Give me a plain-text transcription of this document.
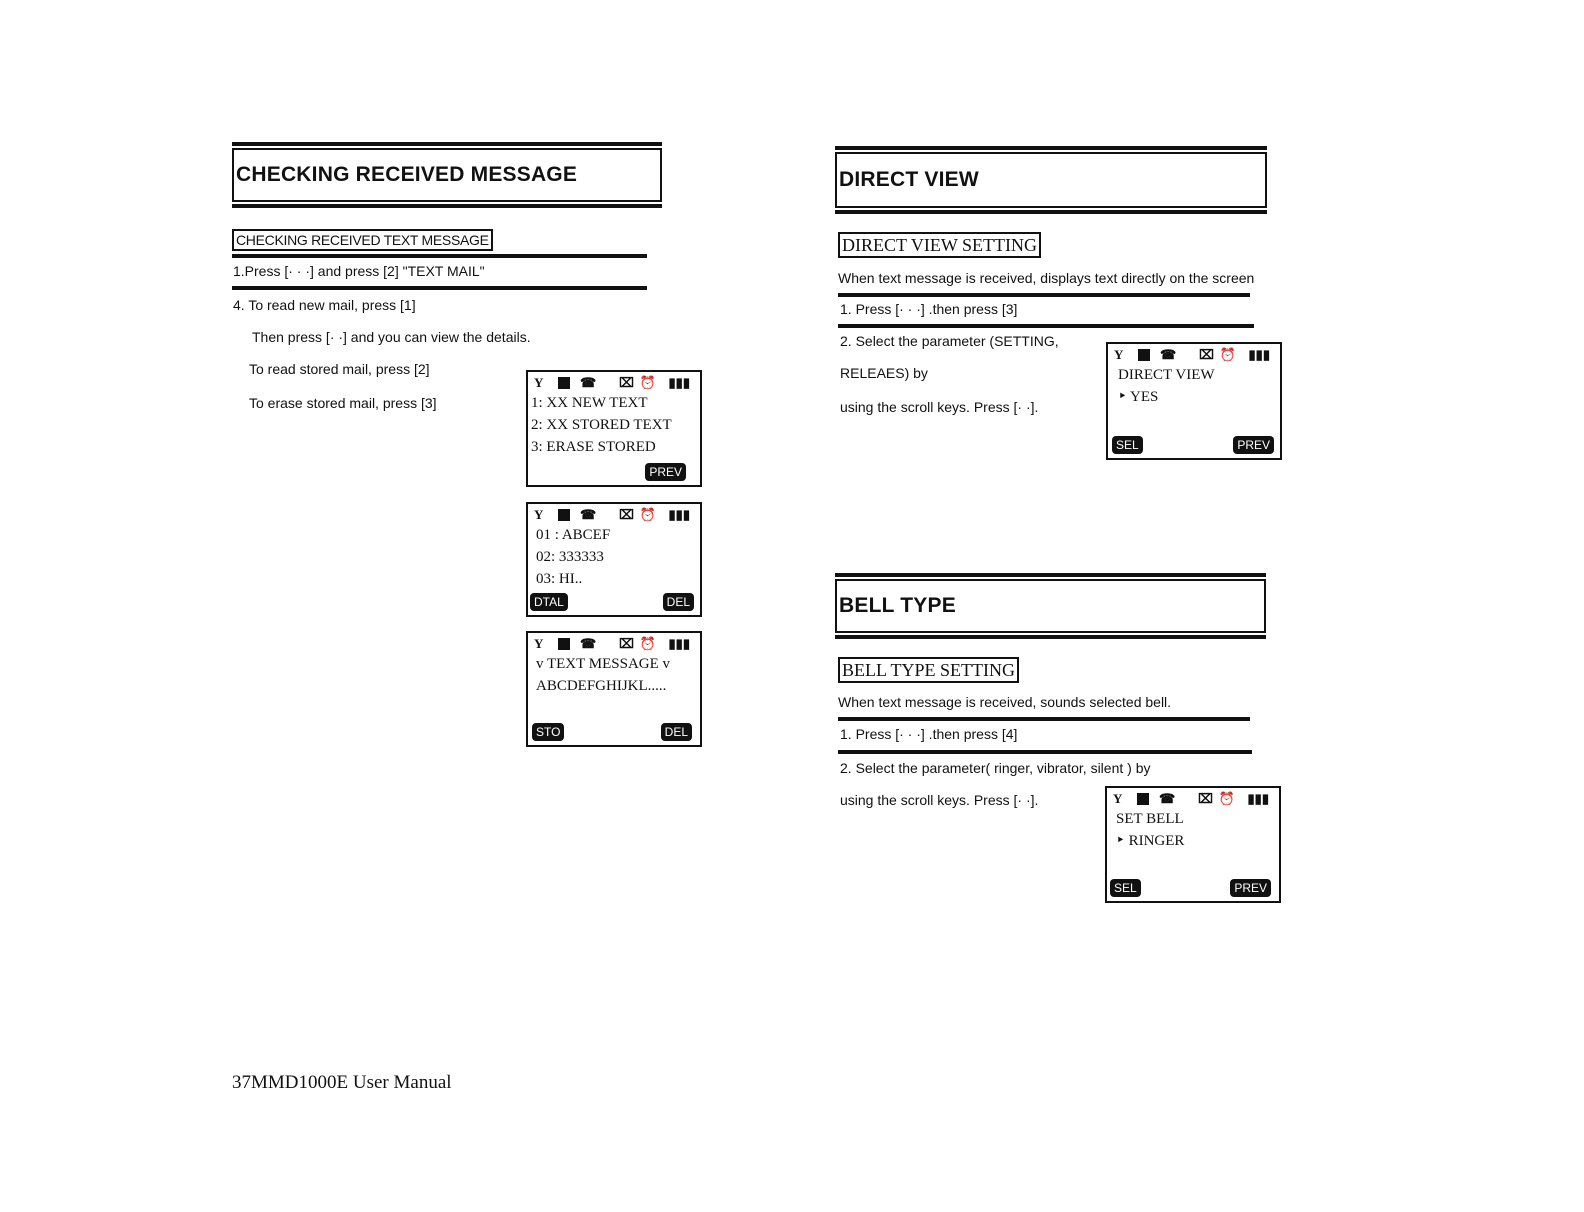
CHECKING RECEIVED MESSAGE
CHECKING RECEIVED TEXT MESSAGE
1.Press [· · ·] and press [2] "TEXT MAIL"
4. To read new mail, press [1]
Then press [· ·] and you can view the details.
To read stored mail, press [2]
To erase stored mail, press [3]
Y	☎ ⌧ ⏰ ▮▮▮
1: XX NEW TEXT
2: XX STORED TEXT
3: ERASE STORED
PREV
Y	☎ ⌧ ⏰ ▮▮▮
01 : ABCEF
02: 333333
03: HI..
DTAL	DEL
Y	☎ ⌧ ⏰ ▮▮▮
v TEXT MESSAGE v
ABCDEFGHIJKL.....
STO	DEL
DIRECT VIEW
DIRECT VIEW SETTING
When text message is received, displays text directly on the screen
1. Press [· · ·] .then press [3]
2. Select the parameter (SETTING,
RELEAES) by
using the scroll keys. Press [· ·].
Y	☎ ⌧ ⏰ ▮▮▮
DIRECT VIEW
‣ YES
SEL	PREV
BELL TYPE
BELL TYPE SETTING
When text message is received, sounds selected bell.
1. Press [· · ·] .then press [4]
2. Select the parameter( ringer, vibrator, silent ) by
using the scroll keys. Press [· ·].	Y	☎ ⌧ ⏰ ▮▮▮
SET BELL
‣ RINGER
SEL	PREV
37MMD1000E User Manual
